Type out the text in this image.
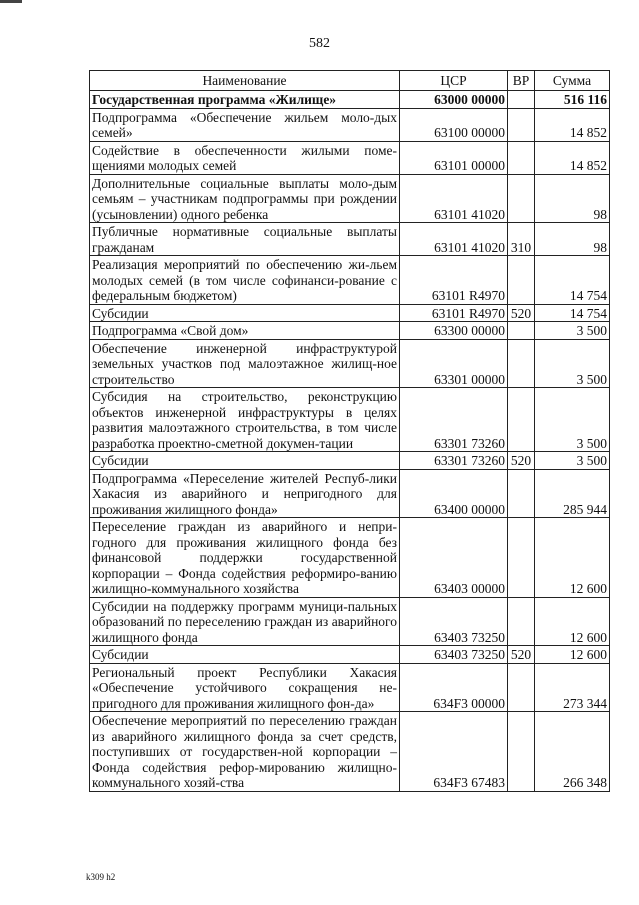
582
Наименование	ЦСР	ВР	Сумма
Государственная программа «Жилище»	63000 00000		516 116
Подпрограмма «Обеспечение жильем моло-дых семей»	63100 00000		14 852
Содействие в обеспеченности жилыми поме-щениями молодых семей	63101 00000		14 852
Дополнительные социальные выплаты моло-дым семьям – участникам подпрограммы при рождении (усыновлении) одного ребенка	63101 41020		98
Публичные нормативные социальные выплаты гражданам	63101 41020	310	98
Реализация мероприятий по обеспечению жи-льем молодых семей (в том числе софинанси-рование с федеральным бюджетом)	63101 R4970		14 754
Субсидии	63101 R4970	520	14 754
Подпрограмма «Свой дом»	63300 00000		3 500
Обеспечение инженерной инфраструктурой земельных участков под малоэтажное жилищ-ное строительство	63301 00000		3 500
Субсидия на строительство, реконструкцию объектов инженерной инфраструктуры в целях развития малоэтажного строительства, в том числе разработка проектно-сметной докумен-тации	63301 73260		3 500
Субсидии	63301 73260	520	3 500
Подпрограмма «Переселение жителей Респуб-лики Хакасия из аварийного и непригодного для проживания жилищного фонда»	63400 00000		285 944
Переселение граждан из аварийного и непри-годного для проживания жилищного фонда без финансовой поддержки государственной корпорации – Фонда содействия реформиро-ванию жилищно-коммунального хозяйства	63403 00000		12 600
Субсидии на поддержку программ муници-пальных образований по переселению граждан из аварийного жилищного фонда	63403 73250		12 600
Субсидии	63403 73250	520	12 600
Региональный проект Республики Хакасия «Обеспечение устойчивого сокращения не-пригодного для проживания жилищного фон-да»	634F3 00000		273 344
Обеспечение мероприятий по переселению граждан из аварийного жилищного фонда за счет средств, поступивших от государствен-ной корпорации – Фонда содействия рефор-мированию жилищно-коммунального хозяй-ства	634F3 67483		266 348
k309 h2
